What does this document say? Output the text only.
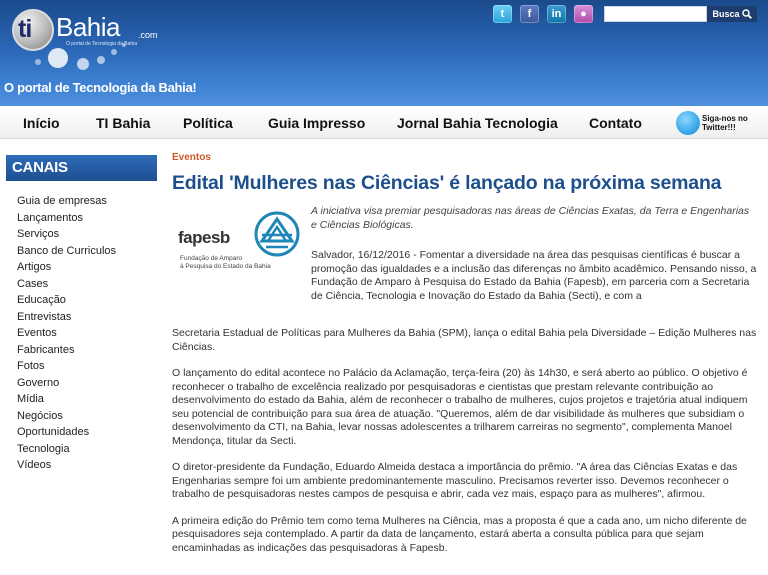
ti Bahia .com
O portal de Tecnologia da Bahia
O portal de Tecnologia da Bahia!
t	f	in	●	Busca
Início	TI Bahia Política	Guia Impresso Jornal Bahia Tecnologia Contato	Siga-nos no
Twitter!!!
CANAIS
Guia de empresas
Lançamentos
Serviços
Banco de Curriculos
Artigos
Cases
Educação
Entrevistas
Eventos
Fabricantes
Fotos
Governo
Mídia
Negócios
Oportunidades
Tecnologia
Vídeos
Eventos
Edital 'Mulheres nas Ciências' é lançado na próxima semana
fapesb
Fundação de Amparo
à Pesquisa do Estado da Bahia

A iniciativa visa premiar pesquisadoras nas áreas de Ciências Exatas, da Terra e Engenharias e Ciências Biológicas.

Salvador, 16/12/2016 - Fomentar a diversidade na área das pesquisas científicas é buscar a promoção das igualdades e a inclusão das diferenças no âmbito acadêmico. Pensando nisso, a Fundação de Amparo à Pesquisa do Estado da Bahia (Fapesb), em parceria com a Secretaria de Ciência, Tecnologia e Inovação do Estado da Bahia (Secti), e com a

Secretaria Estadual de Políticas para Mulheres da Bahia (SPM), lança o edital Bahia pela Diversidade – Edição Mulheres nas Ciências.

O lançamento do edital acontece no Palácio da Aclamação, terça-feira (20) às 14h30, e será aberto ao público. O objetivo é reconhecer o trabalho de excelência realizado por pesquisadoras e cientistas que prestam relevante contribuição ao desenvolvimento do estado da Bahia, além de reconhecer o trabalho de mulheres, cujos projetos e trajetória atual indiquem seu potencial de contribuição para sua área de atuação. "Queremos, além de dar visibilidade às mulheres que subsidiam o desenvolvimento da CTI, na Bahia, levar nossas adolescentes a trilharem carreiras no segmento", complementa Manoel Mendonça, titular da Secti.

O diretor-presidente da Fundação, Eduardo Almeida destaca a importância do prêmio. "A área das Ciências Exatas e das Engenharias sempre foi um ambiente predominantemente masculino. Precisamos reverter isso. Devemos reconhecer o trabalho de pesquisadoras nestes campos de pesquisa e abrir, cada vez mais, espaço para as mulheres", afirmou.

A primeira edição do Prêmio tem como tema Mulheres na Ciência, mas a proposta é que a cada ano, um nicho diferente de pesquisadores seja contemplado. A partir da data de lançamento, estará aberta a consulta pública para que sejam encaminhadas as indicações das pesquisadoras à Fapesb.
